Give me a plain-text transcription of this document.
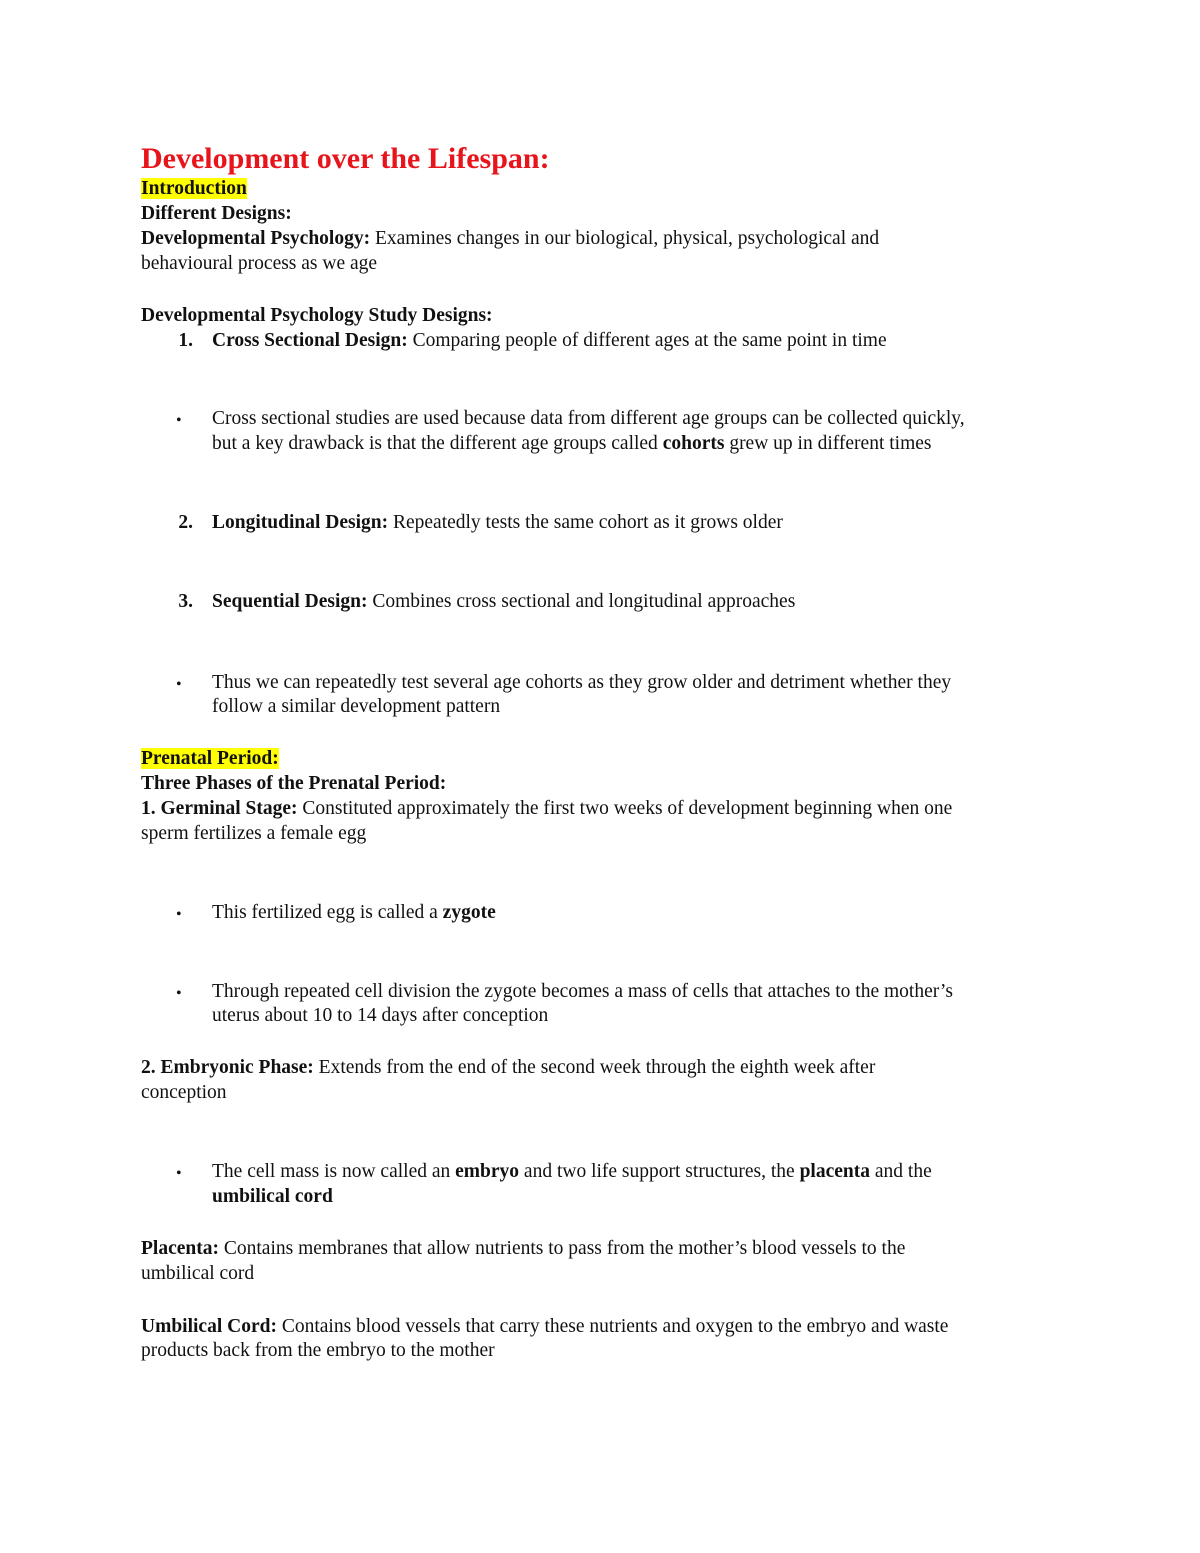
Development over the Lifespan:
Introduction
Different Designs:
Developmental Psychology: Examines changes in our biological, physical, psychological and
behavioural process as we age
Developmental Psychology Study Designs:
1. Cross Sectional Design: Comparing people of different ages at the same point in time
• Cross sectional studies are used because data from different age groups can be collected quickly,
but a key drawback is that the different age groups called cohorts grew up in different times
2. Longitudinal Design: Repeatedly tests the same cohort as it grows older
3. Sequential Design: Combines cross sectional and longitudinal approaches
• Thus we can repeatedly test several age cohorts as they grow older and detriment whether they
follow a similar development pattern
Prenatal Period:
Three Phases of the Prenatal Period:
1. Germinal Stage: Constituted approximately the first two weeks of development beginning when one
sperm fertilizes a female egg
• This fertilized egg is called a zygote
• Through repeated cell division the zygote becomes a mass of cells that attaches to the mother’s
uterus about 10 to 14 days after conception
2. Embryonic Phase: Extends from the end of the second week through the eighth week after
conception
• The cell mass is now called an embryo and two life support structures, the placenta and the
umbilical cord
Placenta: Contains membranes that allow nutrients to pass from the mother’s blood vessels to the
umbilical cord
Umbilical Cord: Contains blood vessels that carry these nutrients and oxygen to the embryo and waste
products back from the embryo to the mother
